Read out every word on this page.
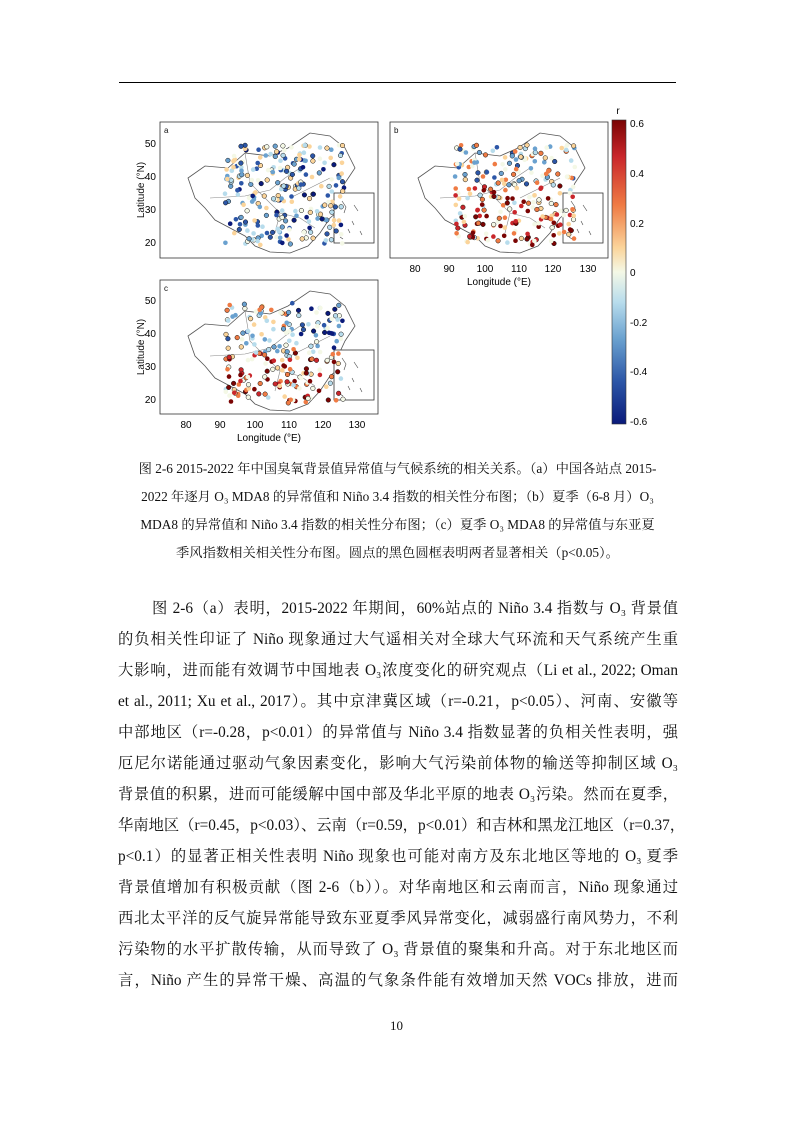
a
Latitude (°N)
50
40
30
20
b
80 90 100 110 120 130
Longitude (°E)
c
Latitude (°N)
50
40
30
20
80 90 100 110 120 130
Longitude (°E)
r
0.6
0.4
0.2
0
-0.2
-0.4
-0.6
图 2-6 2015-2022 年中国臭氧背景值异常值与气候系统的相关关系。（a）中国各站点 2015-
2022 年逐月 O₃ MDA8 的异常值和 Niño 3.4 指数的相关性分布图；（b）夏季（6-8 月）O₃
MDA8 的异常值和 Niño 3.4 指数的相关性分布图；（c）夏季 O₃ MDA8 的异常值与东亚夏
季风指数相关相关性分布图。圆点的黑色圆框表明两者显著相关（p<0.05）。
图 2-6（a）表明，2015-2022 年期间，60%站点的 Niño 3.4 指数与 O₃ 背景值
的负相关性印证了 Niño 现象通过大气遥相关对全球大气环流和天气系统产生重
大影响，进而能有效调节中国地表 O₃浓度变化的研究观点（Li et al., 2022; Oman
et al., 2011; Xu et al., 2017）。其中京津冀区域（r=-0.21，p<0.05）、河南、安徽等
中部地区（r=-0.28，p<0.01）的异常值与 Niño 3.4 指数显著的负相关性表明，强
厄尼尔诺能通过驱动气象因素变化，影响大气污染前体物的输送等抑制区域 O₃
背景值的积累，进而可能缓解中国中部及华北平原的地表 O₃污染。然而在夏季，
华南地区（r=0.45，p<0.03）、云南（r=0.59，p<0.01）和吉林和黑龙江地区（r=0.37，
p<0.1）的显著正相关性表明 Niño 现象也可能对南方及东北地区等地的 O₃ 夏季
背景值增加有积极贡献（图 2-6（b））。对华南地区和云南而言，Niño 现象通过
西北太平洋的反气旋异常能导致东亚夏季风异常变化，减弱盛行南风势力，不利
污染物的水平扩散传输，从而导致了 O₃ 背景值的聚集和升高。对于东北地区而
言，Niño 产生的异常干燥、高温的气象条件能有效增加天然 VOCs 排放，进而
10
